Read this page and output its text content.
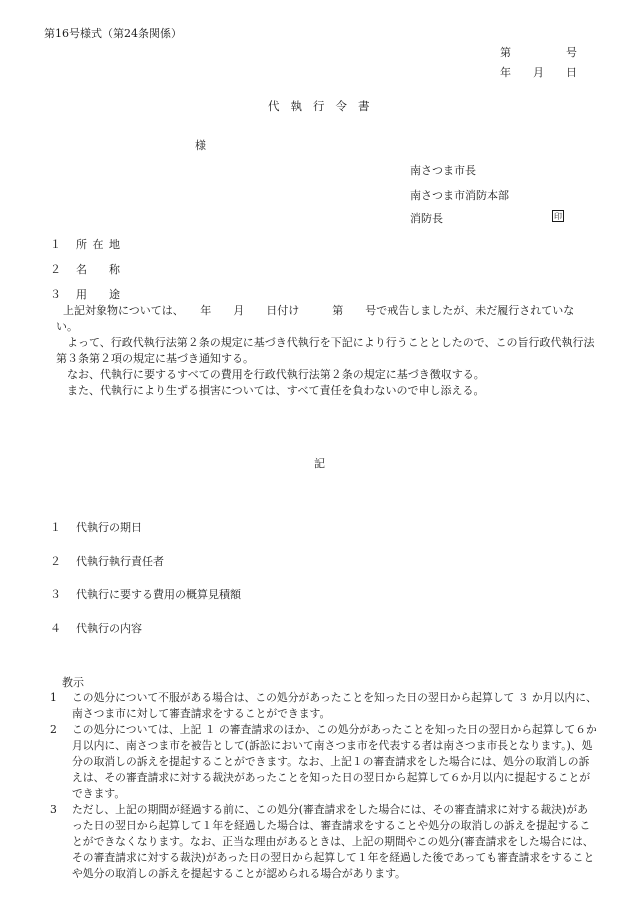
第16号様式（第24条関係）
第　　　　　号
年　　月　　日
代執行令書
様
南さつま市長
南さつま市消防本部
消防長	印
１ 所 在 地
２ 名　　称
３ 用　　途

上記対象物については、　　年　　月　　日付け　　　第　　号で戒告しましたが、未だ履行されていない。

よって、行政代執行法第２条の規定に基づき代執行を下記により行うこととしたので、この旨行政代執行法第３条第２項の規定に基づき通知する。

なお、代執行に要するすべての費用を行政代執行法第２条の規定に基づき徴収する。

また、代執行により生ずる損害については、すべて責任を負わないので申し添える。

記
１ 代執行の期日
２ 代執行執行責任者
３ 代執行に要する費用の概算見積額
４ 代執行の内容
教示
1	この処分について不服がある場合は、この処分があったことを知った日の翌日から起算して ３ か月以内に、南さつま市に対して審査請求をすることができます。
2	この処分については、上記 １ の審査請求のほか、この処分があったことを知った日の翌日から起算して６か月以内に、南さつま市を被告として(訴訟において南さつま市を代表する者は南さつま市長となります。)、処分の取消しの訴えを提起することができます。なお、上記１の審査請求をした場合には、処分の取消しの訴えは、その審査請求に対する裁決があったことを知った日の翌日から起算して６か月以内に提起することができます。
3	ただし、上記の期間が経過する前に、この処分(審査請求をした場合には、その審査請求に対する裁決)があった日の翌日から起算して１年を経過した場合は、審査請求をすることや処分の取消しの訴えを提起することができなくなります。なお、正当な理由があるときは、上記の期間やこの処分(審査請求をした場合には、その審査請求に対する裁決)があった日の翌日から起算して１年を経過した後であっても審査請求をすることや処分の取消しの訴えを提起することが認められる場合があります。
